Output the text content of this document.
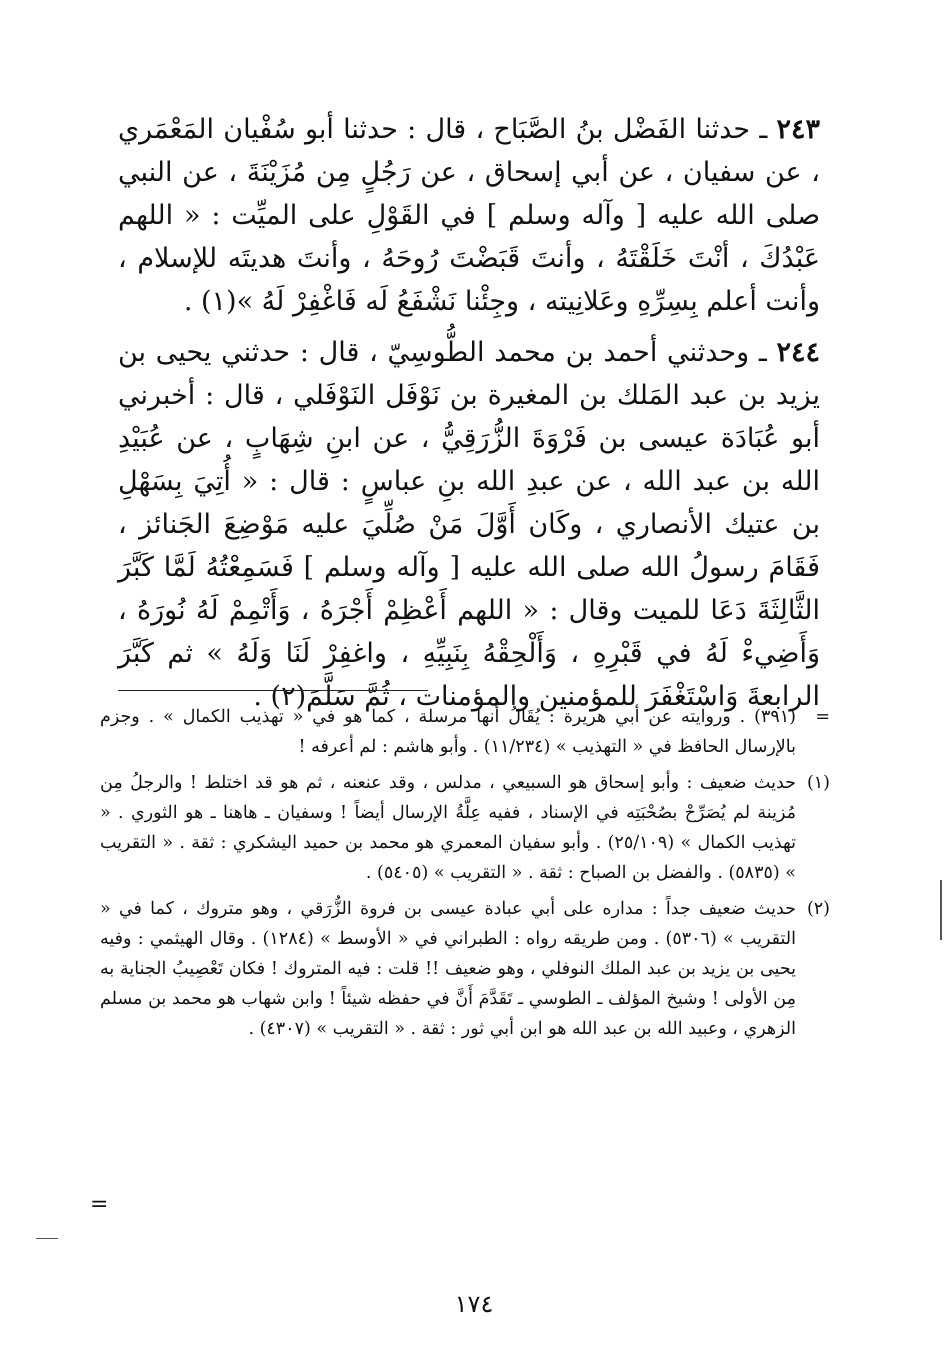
٢٤٣ ـ حدثنا الفَضْل بنُ الصَّبَاح ، قال : حدثنا أبو سُفْيان المَعْمَري ، عن سفيان ، عن أبي إسحاق ، عن رَجُلٍ مِن مُزَيْنَةَ ، عن النبي صلى الله عليه [ وآله وسلم ] في القَوْلِ على الميِّت : « اللهم عَبْدُكَ ، أنْتَ خَلَقْتَهُ ، وأنتَ قَبَضْتَ رُوحَهُ ، وأنتَ هديتَه للإسلام ، وأنت أعلم بِسِرِّهِ وعَلانِيته ، وجِئْنا نَشْفَعُ لَه فَاغْفِرْ لَهُ »(١) .

٢٤٤ ـ وحدثني أحمد بن محمد الطُّوسِيّ ، قال : حدثني يحيى بن يزيد بن عبد المَلك بن المغيرة بن نَوْفَل النَوْفَلي ، قال : أخبرني أبو عُبَادَة عيسى بن فَرْوَةَ الزُّرَقِيُّ ، عن ابنِ شِهَابٍ ، عن عُبَيْدِ الله بن عبد الله ، عن عبدِ الله بنِ عباسٍ : قال : « أُتِيَ بِسَهْلِ بن عتيك الأنصاري ، وكَان أَوَّلَ مَنْ صُلِّيَ عليه مَوْضِعَ الجَنائز ، فَقَامَ رسولُ الله صلى الله عليه [ وآله وسلم ] فَسَمِعْتُهُ لَمَّا كَبَّرَ الثَّالِثَةَ دَعَا للميت وقال : « اللهم أَعْظِمْ أَجْرَهُ ، وَأَتْمِمْ لَهُ نُورَهُ ، وَأَضِيءْ لَهُ في قَبْرِهِ ، وَأَلْحِقْهُ بِنَبِيِّهِ ، واغفِرْ لَنَا وَلَهُ » ثم كَبَّرَ الرابعةَ وَاسْتَغْفَرَ للمؤمنين والمؤمنات ، ثُمَّ سَلَّمَ(٢) .

=
(٣٩١) . وروايته عن أبي هريرة : يُقَالُ أنها مرسلة ، كما هو في « تهذيب الكمال » . وجزم بالإرسال الحافظ في « التهذيب » (١١/٢٣٤) . وأبو هاشم : لم أعرفه !
(١)
حديث ضعيف : وأبو إسحاق هو السبيعي ، مدلس ، وقد عنعنه ، ثم هو قد اختلط ! والرجلُ مِن مُزينة لم يُصَرِّحْ بصُحْبَتِه في الإسناد ، ففيه عِلَّةُ الإرسال أيضاً ! وسفيان ـ هاهنا ـ هو الثوري . « تهذيب الكمال » (٢٥/١٠٩) . وأبو سفيان المعمري هو محمد بن حميد اليشكري : ثقة . « التقريب » (٥٨٣٥) . والفضل بن الصباح : ثقة . « التقريب » (٥٤٠٥) .
(٢)
حديث ضعيف جداً : مداره على أبي عبادة عيسى بن فروة الزُّرَقي ، وهو متروك ، كما في « التقريب » (٥٣٠٦) . ومن طريقه رواه : الطبراني في « الأوسط » (١٢٨٤) . وقال الهيثمي : وفيه يحيى بن يزيد بن عبد الملك النوفلي ، وهو ضعيف !! قلت : فيه المتروك ! فكان تَعْصِيبُ الجناية به مِن الأولى ! وشيخ المؤلف ـ الطوسي ـ تَقَدَّمَ أَنَّ في حفظه شيئاً ! وابن شهاب هو محمد بن مسلم الزهري ، وعبيد الله بن عبد الله هو ابن أبي ثور : ثقة . « التقريب » (٤٣٠٧) .
=
١٧٤
